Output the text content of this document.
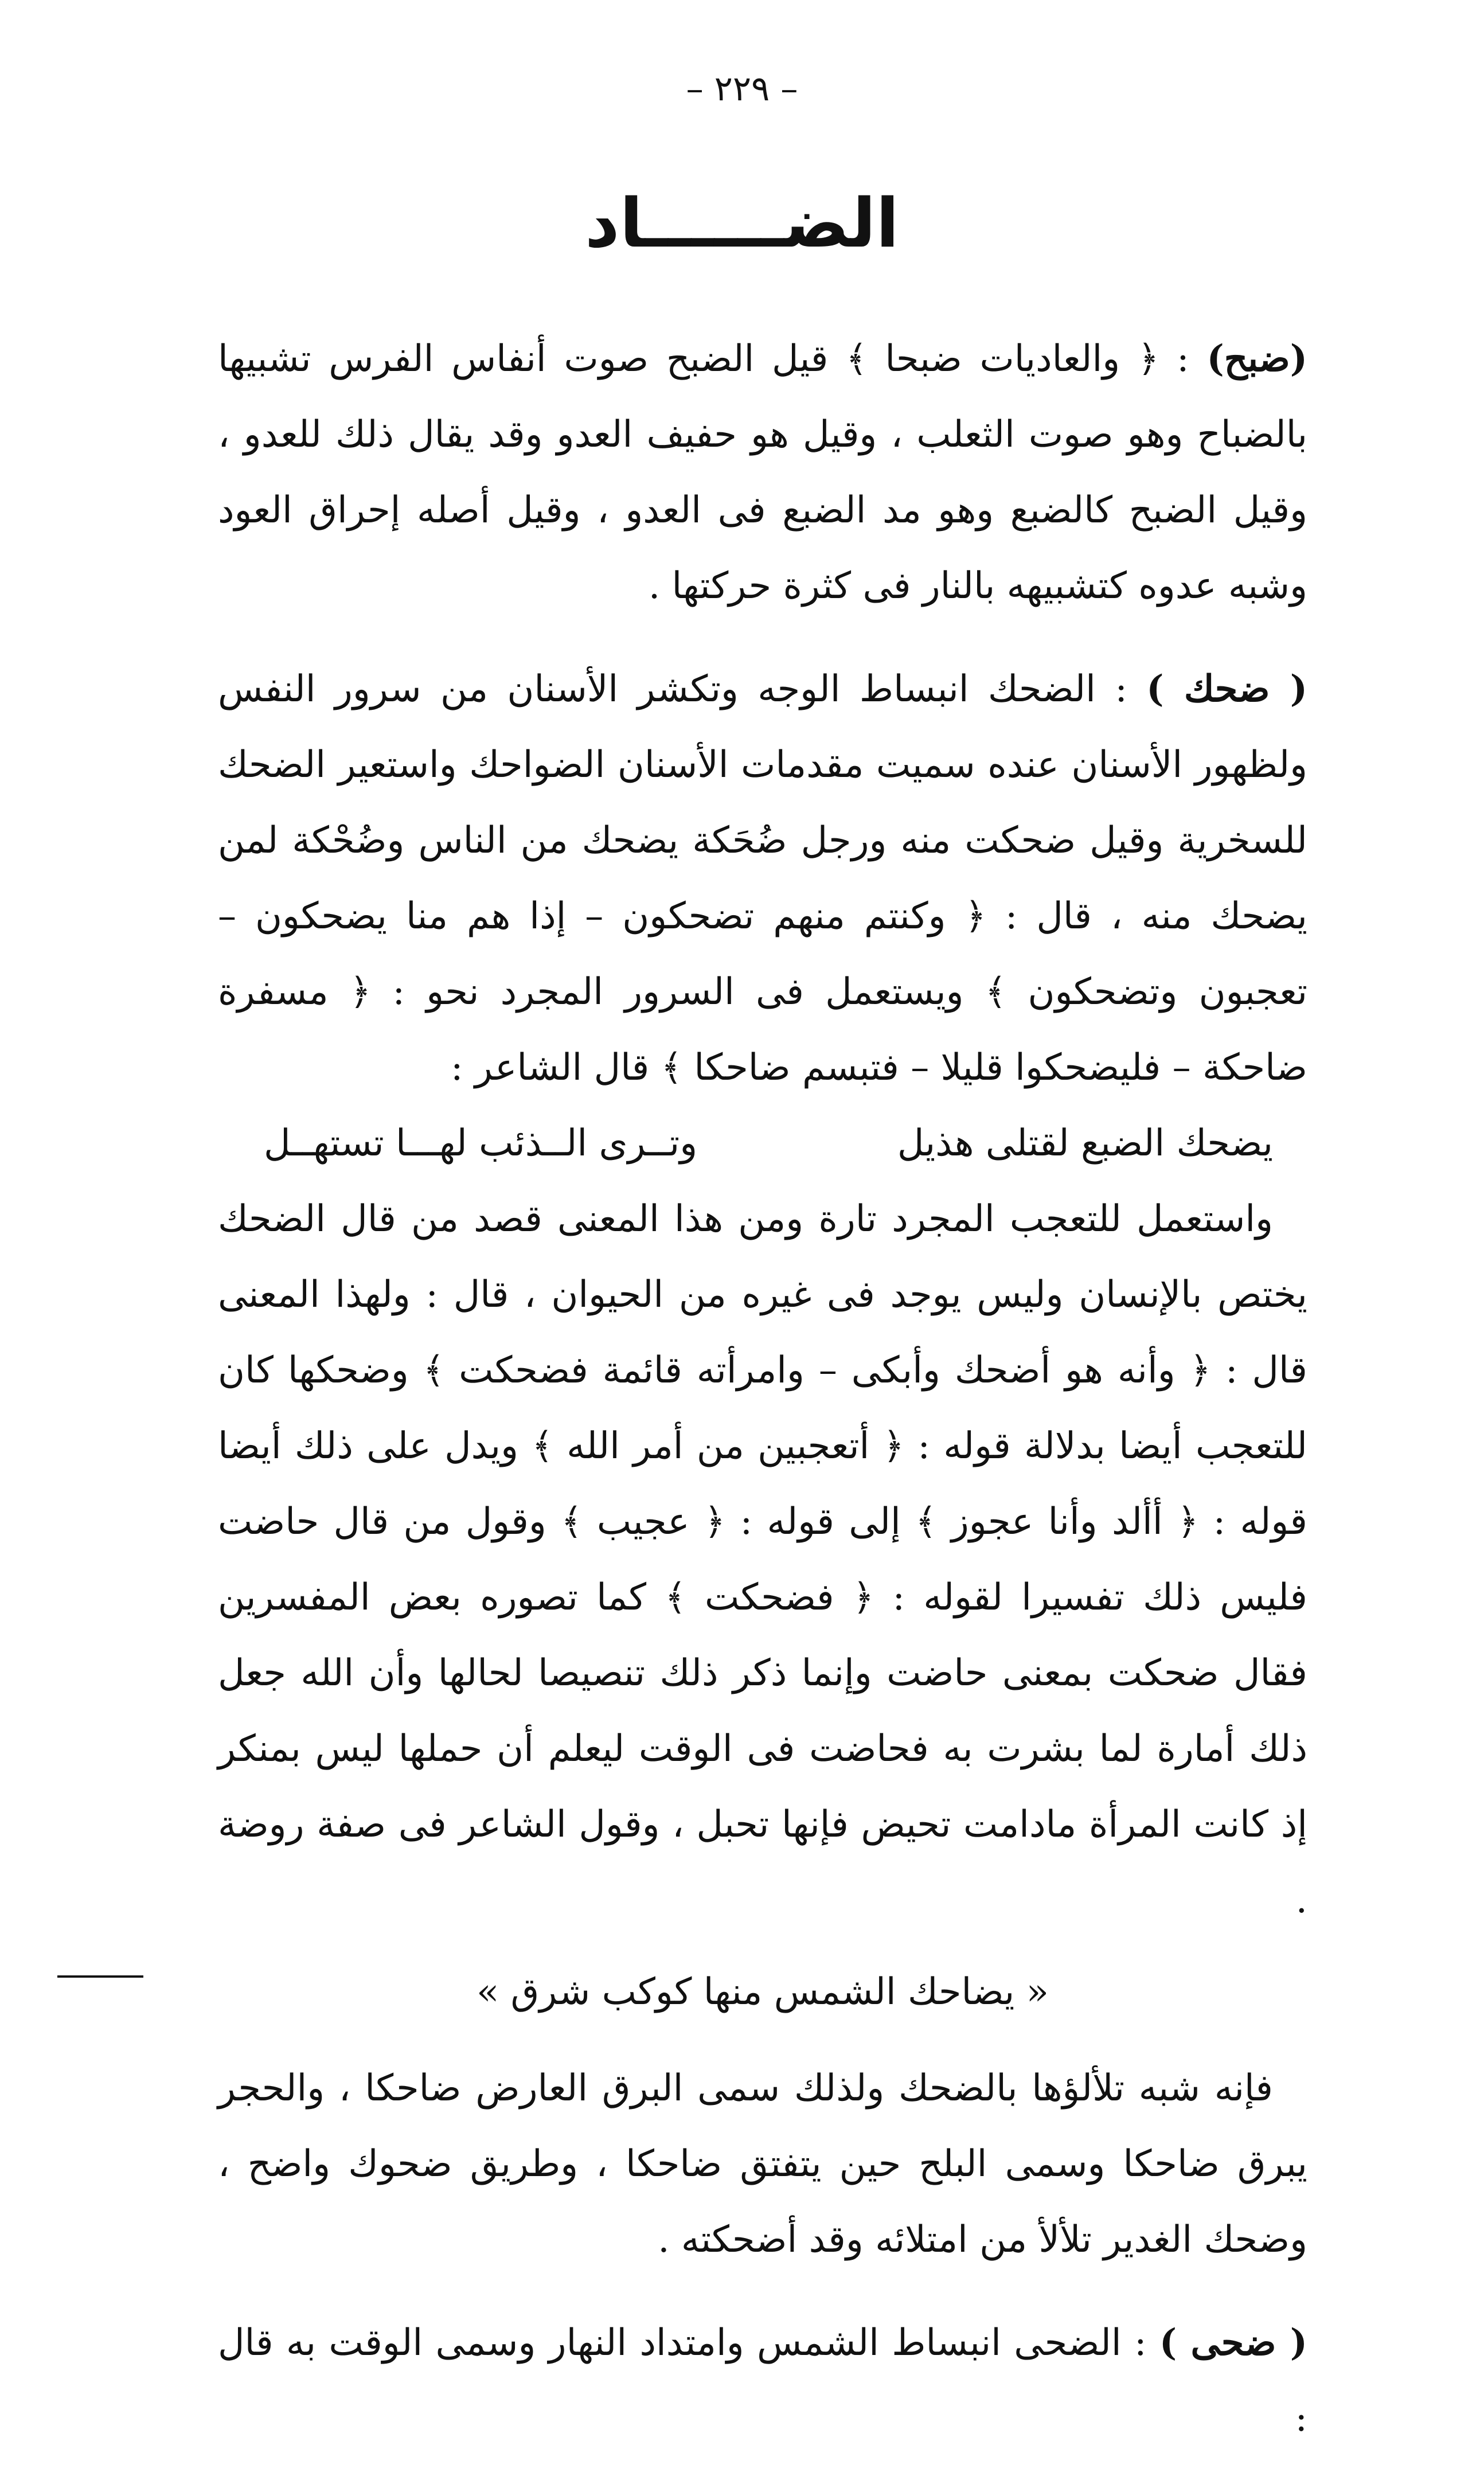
– ٢٢٩ –
الضــــــاد

(ضبح) : ﴿ والعاديات ضبحا ﴾ قيل الضبح صوت أنفاس الفرس تشبيها بالضباح وهو صوت الثعلب ، وقيل هو حفيف العدو وقد يقال ذلك للعدو ، وقيل الضبح كالضبع وهو مد الضبع فى العدو ، وقيل أصله إحراق العود وشبه عدوه كتشبيهه بالنار فى كثرة حركتها .

( ضحك ) : الضحك انبساط الوجه وتكشر الأسنان من سرور النفس ولظهور الأسنان عنده سميت مقدمات الأسنان الضواحك واستعير الضحك للسخرية وقيل ضحكت منه ورجل ضُحَكة يضحك من الناس وضُحْكة لمن يضحك منه ، قال : ﴿ وكنتم منهم تضحكون – إذا هم منا يضحكون – تعجبون وتضحكون ﴾ ويستعمل فى السرور المجرد نحو : ﴿ مسفرة ضاحكة – فليضحكوا قليلا – فتبسم ضاحكا ﴾ قال الشاعر :

يضحك الضبع لقتلى هذيل
وتــرى الــذئب لهـــا تستهــل

واستعمل للتعجب المجرد تارة ومن هذا المعنى قصد من قال الضحك يختص بالإنسان وليس يوجد فى غيره من الحيوان ، قال : ولهذا المعنى قال : ﴿ وأنه هو أضحك وأبكى – وامرأته قائمة فضحكت ﴾ وضحكها كان للتعجب أيضا بدلالة قوله : ﴿ أتعجبين من أمر الله ﴾ ويدل على ذلك أيضا قوله : ﴿ أألد وأنا عجوز ﴾ إلى قوله : ﴿ عجيب ﴾ وقول من قال حاضت فليس ذلك تفسيرا لقوله : ﴿ فضحكت ﴾ كما تصوره بعض المفسرين فقال ضحكت بمعنى حاضت وإنما ذكر ذلك تنصيصا لحالها وأن الله جعل ذلك أمارة لما بشرت به فحاضت فى الوقت ليعلم أن حملها ليس بمنكر إذ كانت المرأة مادامت تحيض فإنها تحبل ، وقول الشاعر فى صفة روضة .

« يضاحك الشمس منها كوكب شرق »

فإنه شبه تلألؤها بالضحك ولذلك سمى البرق العارض ضاحكا ، والحجر يبرق ضاحكا وسمى البلح حين يتفتق ضاحكا ، وطريق ضحوك واضح ، وضحك الغدير تلألأ من امتلائه وقد أضحكته .

( ضحى ) : الضحى انبساط الشمس وامتداد النهار وسمى الوقت به قال :
